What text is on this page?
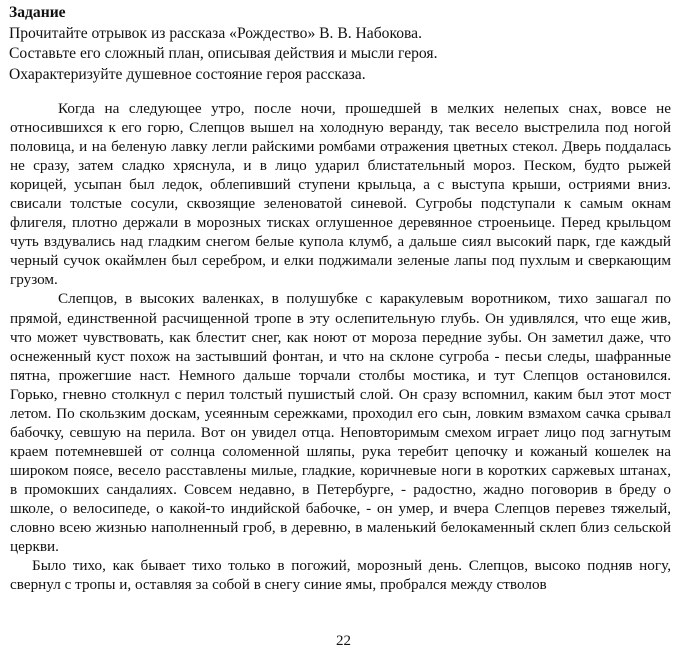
Задание
Прочитайте отрывок из рассказа «Рождество» В. В. Набокова.
Составьте его сложный план, описывая действия и мысли героя.
Охарактеризуйте душевное состояние героя рассказа.

Когда на следующее утро, после ночи, прошедшей в мелких нелепых снах, вовсе не относившихся к его горю, Слепцов вышел на холодную веранду, так весело выстрелила под ногой половица, и на беленую лавку легли райскими ромбами отражения цветных стекол. Дверь поддалась не сразу, затем сладко хряснула, и в лицо ударил блистательный мороз. Песком, будто рыжей корицей, усыпан был ледок, облепивший ступени крыльца, а с выступа крыши, остриями вниз. свисали толстые сосули, сквозящие зеленоватой синевой. Сугробы подступали к самым окнам флигеля, плотно держали в морозных тисках оглушенное деревянное строеньице. Перед крыльцом чуть вздувались над гладким снегом белые купола клумб, а дальше сиял высокий парк, где каждый черный сучок окаймлен был серебром, и елки поджимали зеленые лапы под пухлым и сверкающим грузом.

Слепцов, в высоких валенках, в полушубке с каракулевым воротником, тихо зашагал по прямой, единственной расчищенной тропе в эту ослепительную глубь. Он удивлялся, что еще жив, что может чувствовать, как блестит снег, как ноют от мороза передние зубы. Он заметил даже, что оснеженный куст похож на застывший фонтан, и что на склоне сугроба - песьи следы, шафранные пятна, прожегшие наст. Немного дальше торчали столбы мостика, и тут Слепцов остановился. Горько, гневно столкнул с перил толстый пушистый слой. Он сразу вспомнил, каким был этот мост летом. По скользким доскам, усеянным сережками, проходил его сын, ловким взмахом сачка срывал бабочку, севшую на перила. Вот он увидел отца. Неповторимым смехом играет лицо под загнутым краем потемневшей от солнца соломенной шляпы, рука теребит цепочку и кожаный кошелек на широком поясе, весело расставлены милые, гладкие, коричневые ноги в коротких саржевых штанах, в промокших сандалиях. Совсем недавно, в Петербурге, - радостно, жадно поговорив в бреду о школе, о велосипеде, о какой-то индийской бабочке, - он умер, и вчера Слепцов перевез тяжелый, словно всею жизнью наполненный гроб, в деревню, в маленький белокаменный склеп близ сельской церкви.

Было тихо, как бывает тихо только в погожий, морозный день. Слепцов, высоко подняв ногу, свернул с тропы и, оставляя за собой в снегу синие ямы, пробрался между стволов

22
